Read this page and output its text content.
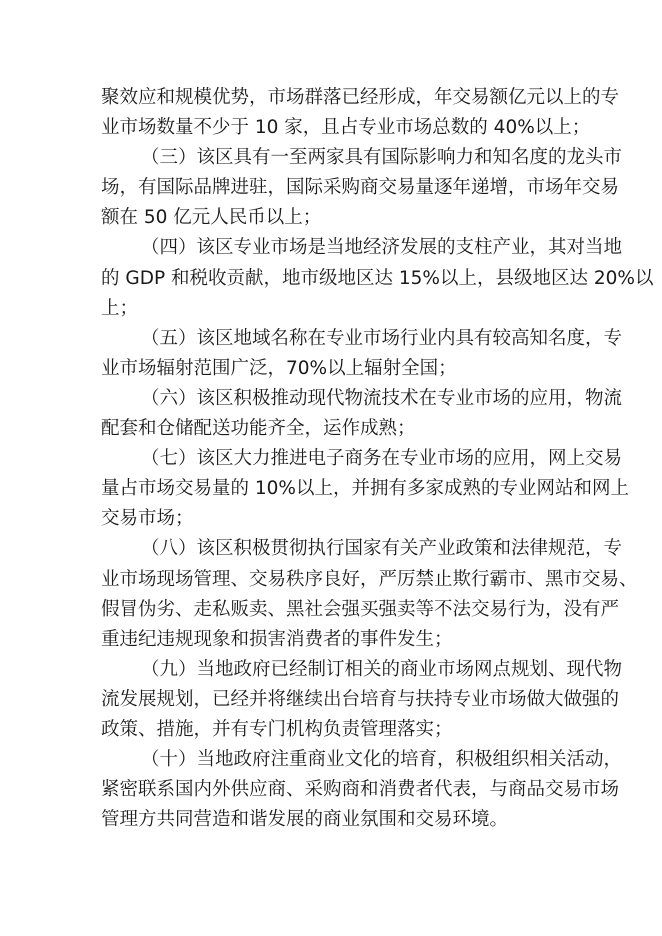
聚效应和规模优势，市场群落已经形成，年交易额亿元以上的专
业市场数量不少于 10 家，且占专业市场总数的 40%以上；
（三）该区具有一至两家具有国际影响力和知名度的龙头市
场，有国际品牌进驻，国际采购商交易量逐年递增，市场年交易
额在 50 亿元人民币以上；
（四）该区专业市场是当地经济发展的支柱产业，其对当地
的 GDP 和税收贡献，地市级地区达 15%以上，县级地区达 20%以
上；
（五）该区地域名称在专业市场行业内具有较高知名度，专
业市场辐射范围广泛，70%以上辐射全国；
（六）该区积极推动现代物流技术在专业市场的应用，物流
配套和仓储配送功能齐全，运作成熟；
（七）该区大力推进电子商务在专业市场的应用，网上交易
量占市场交易量的 10%以上，并拥有多家成熟的专业网站和网上
交易市场；
（八）该区积极贯彻执行国家有关产业政策和法律规范，专
业市场现场管理、交易秩序良好，严厉禁止欺行霸市、黑市交易、
假冒伪劣、走私贩卖、黑社会强买强卖等不法交易行为，没有严
重违纪违规现象和损害消费者的事件发生；
（九）当地政府已经制订相关的商业市场网点规划、现代物
流发展规划，已经并将继续出台培育与扶持专业市场做大做强的
政策、措施，并有专门机构负责管理落实；
（十）当地政府注重商业文化的培育，积极组织相关活动，
紧密联系国内外供应商、采购商和消费者代表，与商品交易市场
管理方共同营造和谐发展的商业氛围和交易环境。
